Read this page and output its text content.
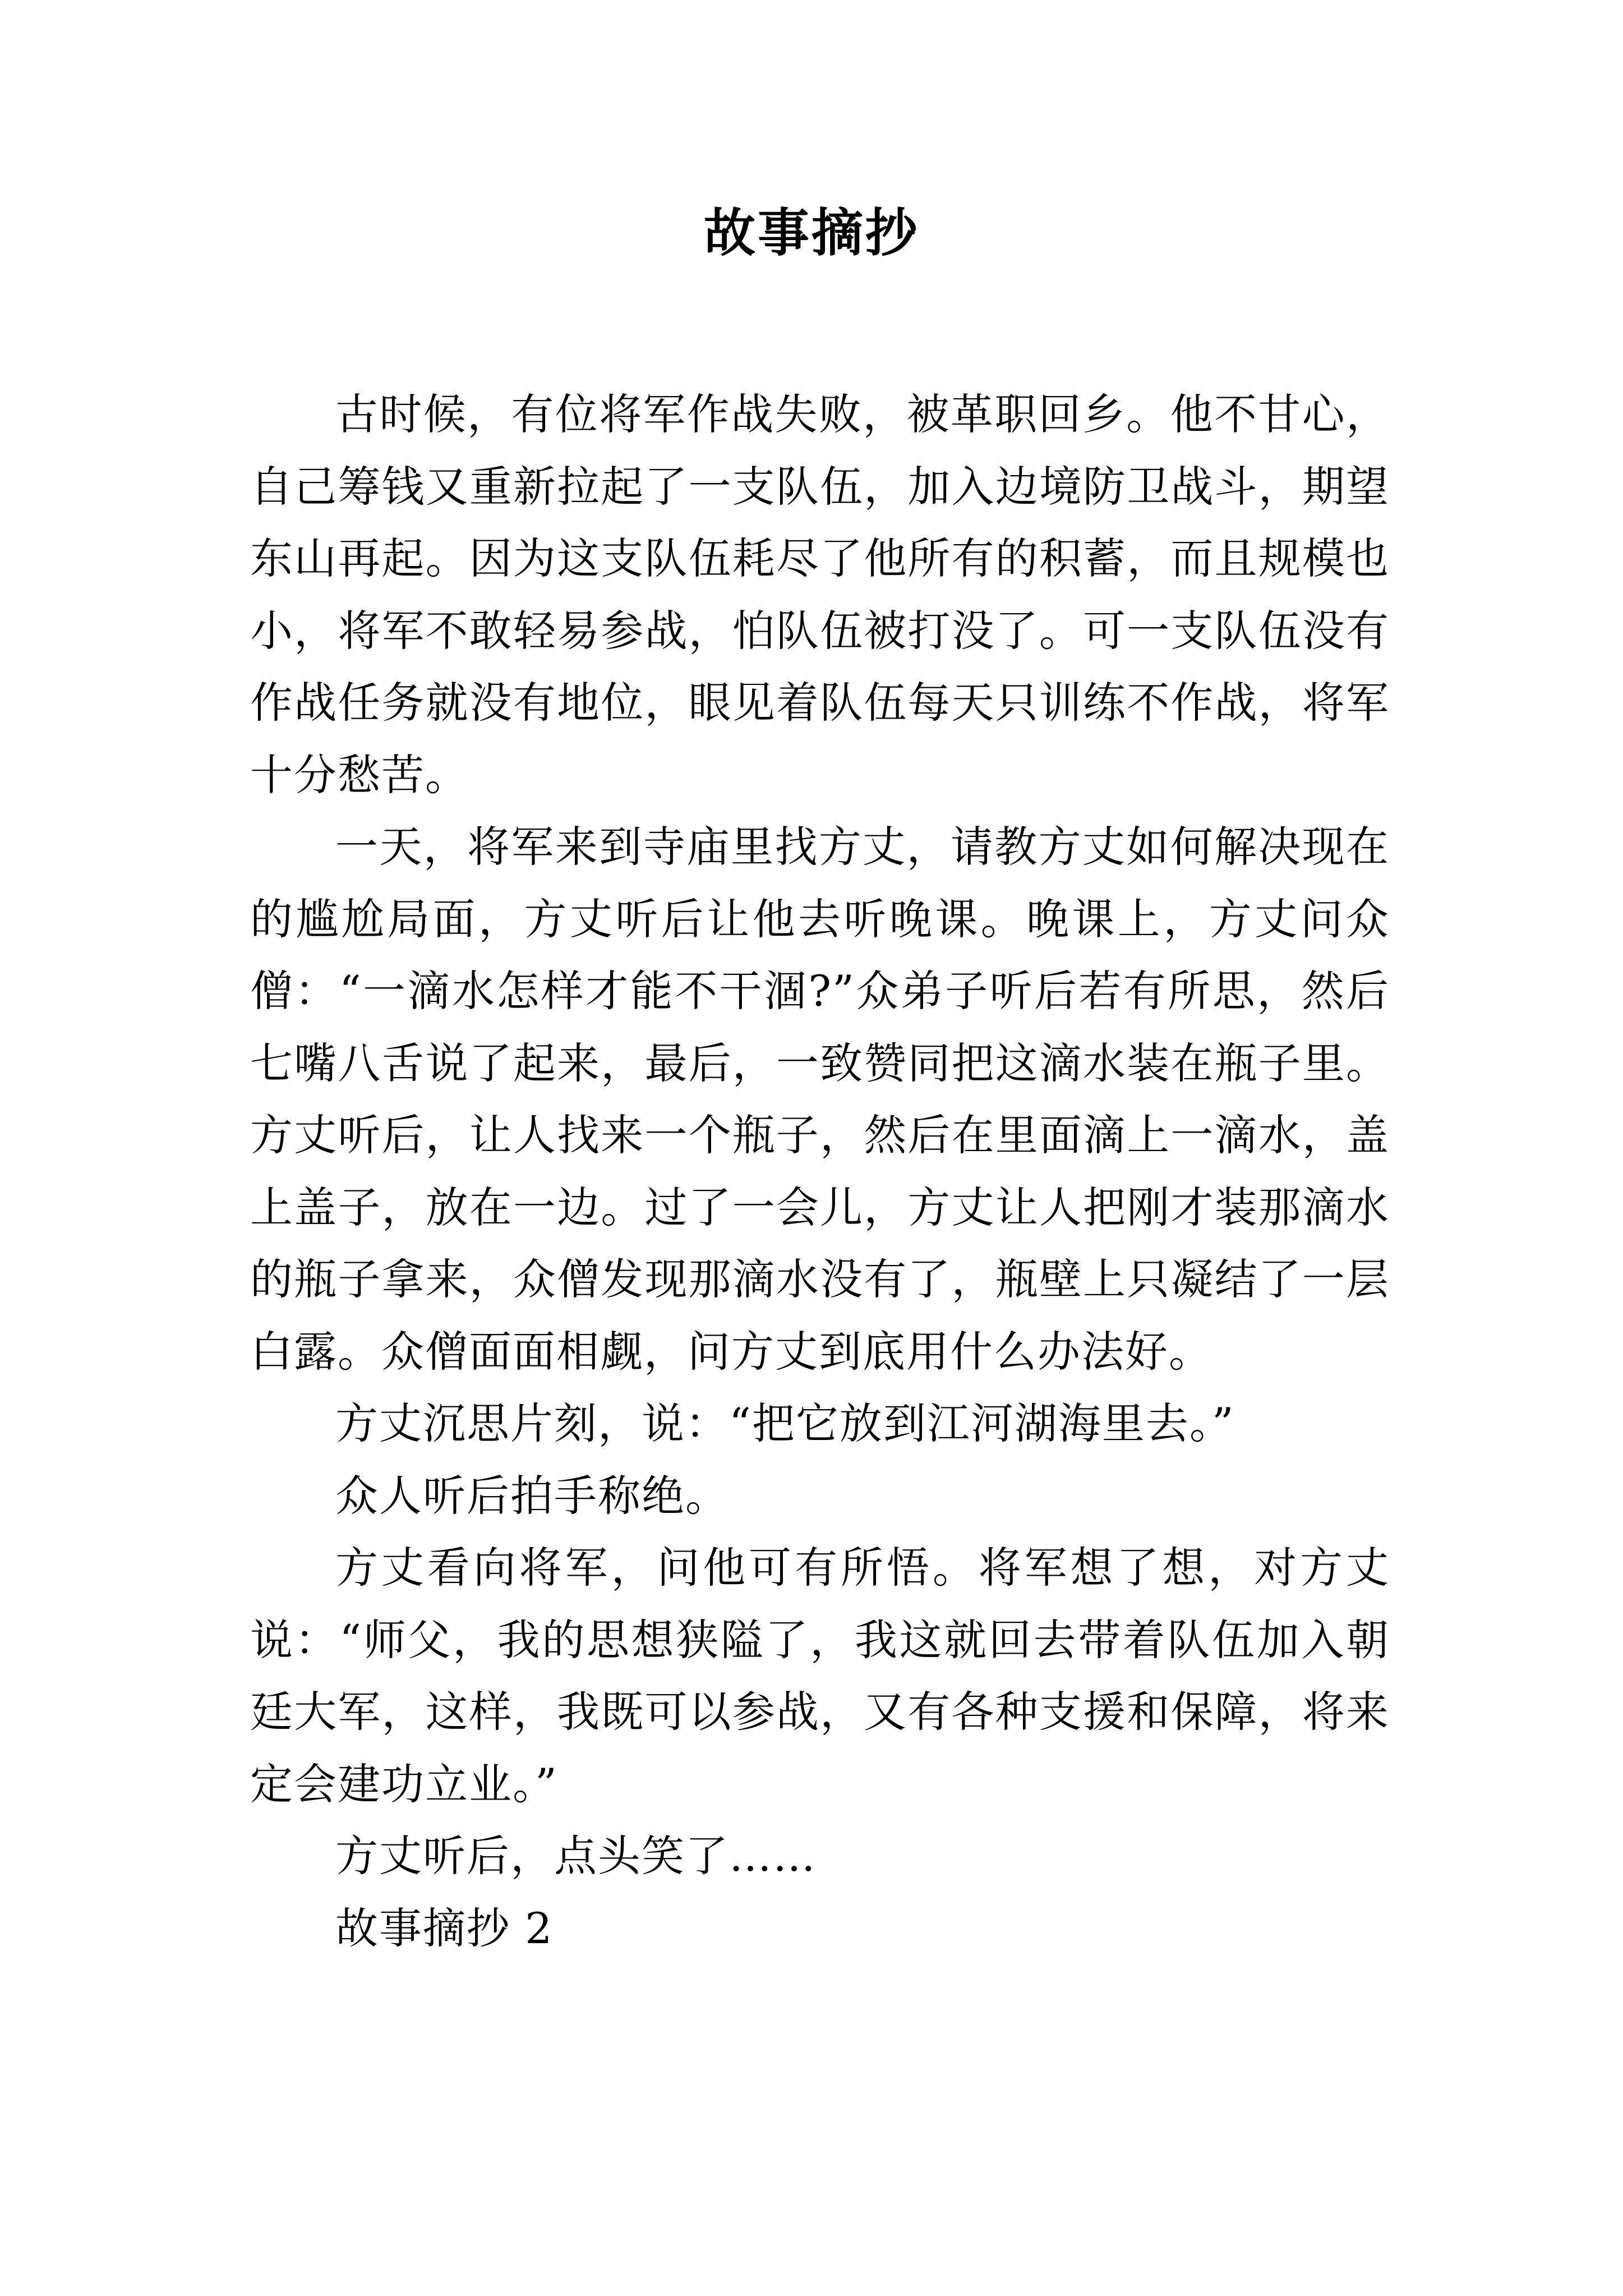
故事摘抄

古时候，有位将军作战失败，被革职回乡。他不甘心，自己筹钱又重新拉起了一支队伍，加入边境防卫战斗，期望东山再起。因为这支队伍耗尽了他所有的积蓄，而且规模也小，将军不敢轻易参战，怕队伍被打没了。可一支队伍没有作战任务就没有地位，眼见着队伍每天只训练不作战，将军十分愁苦。

一天，将军来到寺庙里找方丈，请教方丈如何解决现在的尴尬局面，方丈听后让他去听晚课。晚课上，方丈问众僧：“一滴水怎样才能不干涸?”众弟子听后若有所思，然后七嘴八舌说了起来，最后，一致赞同把这滴水装在瓶子里。方丈听后，让人找来一个瓶子，然后在里面滴上一滴水，盖上盖子，放在一边。过了一会儿，方丈让人把刚才装那滴水的瓶子拿来，众僧发现那滴水没有了，瓶壁上只凝结了一层白露。众僧面面相觑，问方丈到底用什么办法好。

方丈沉思片刻，说：“把它放到江河湖海里去。”

众人听后拍手称绝。

方丈看向将军，问他可有所悟。将军想了想，对方丈说：“师父，我的思想狭隘了，我这就回去带着队伍加入朝廷大军，这样，我既可以参战，又有各种支援和保障，将来定会建功立业。”

方丈听后，点头笑了……

故事摘抄 2
